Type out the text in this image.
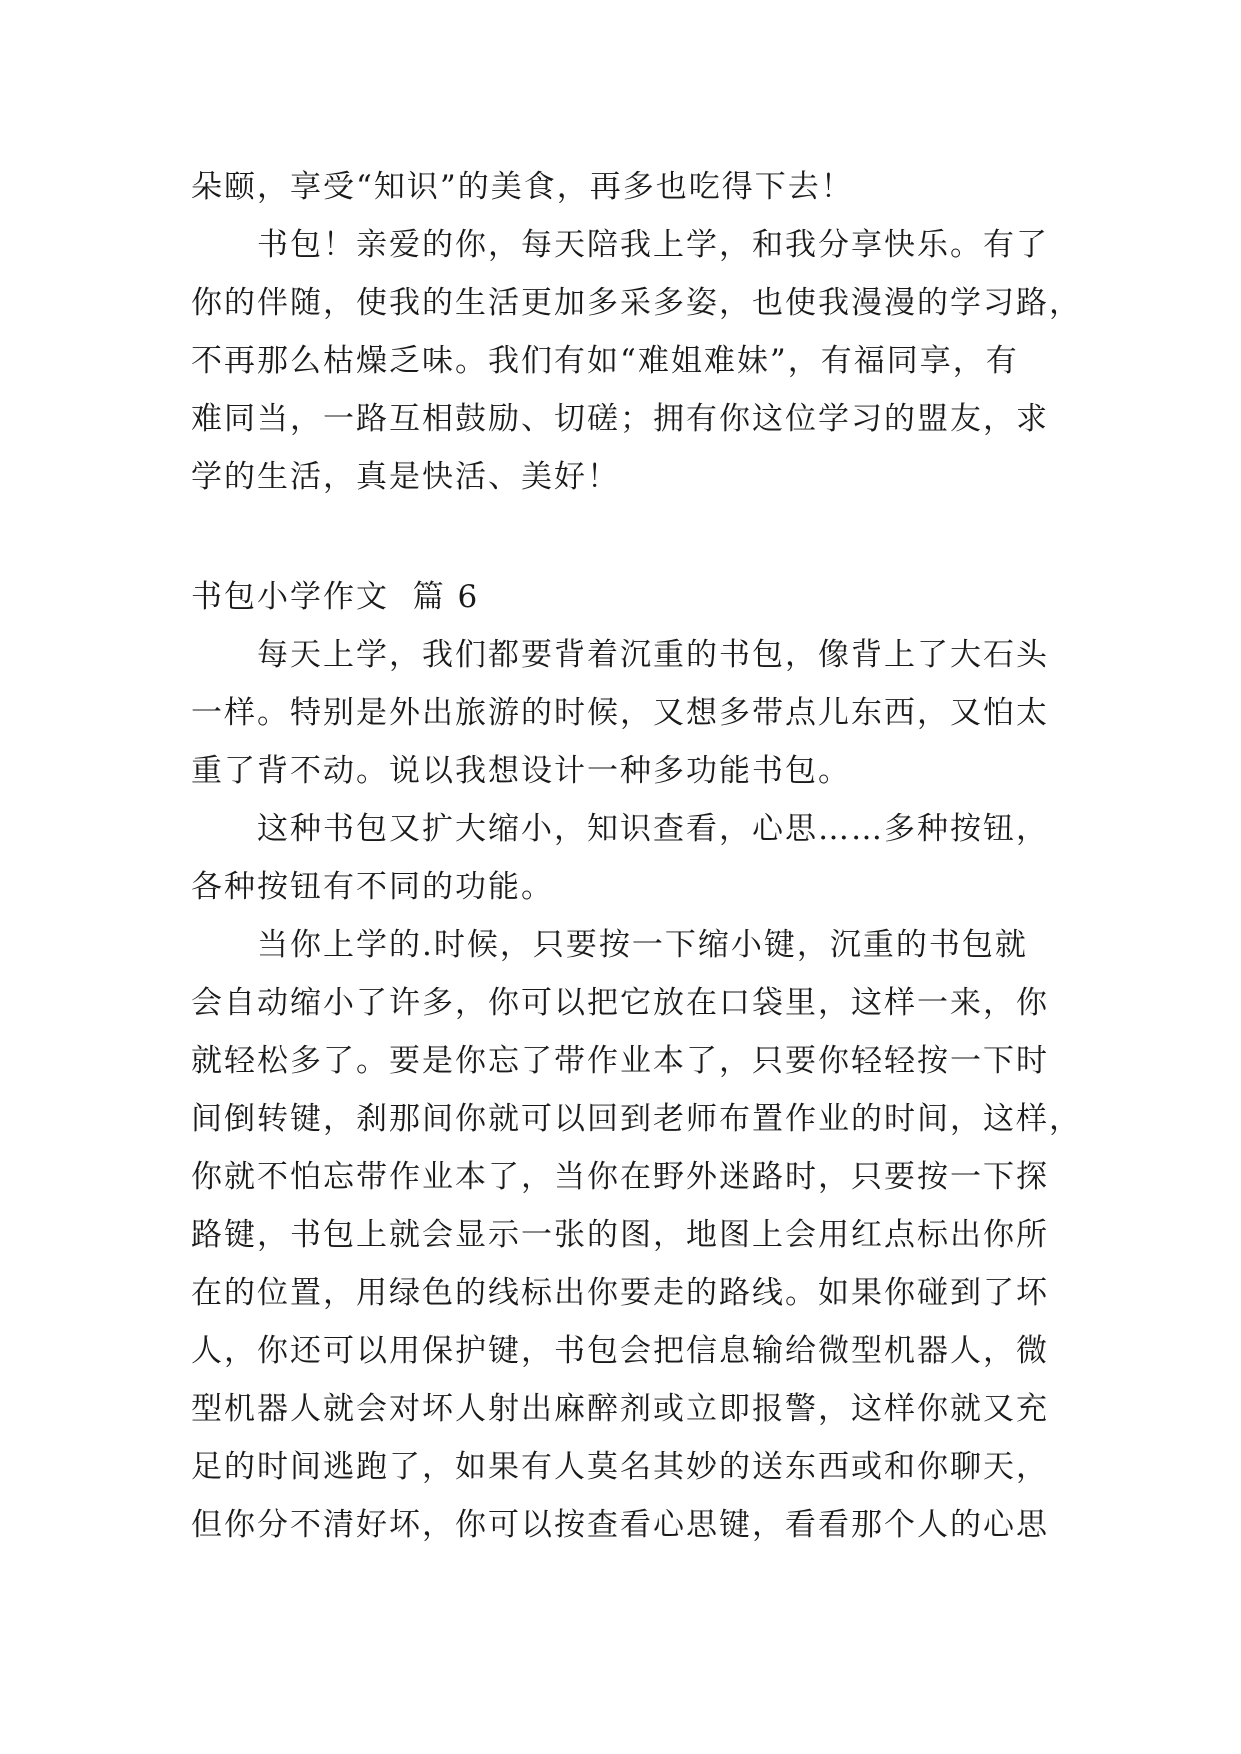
朵颐，享受“知识”的美食，再多也吃得下去！
书包！亲爱的你，每天陪我上学，和我分享快乐。有了
你的伴随，使我的生活更加多采多姿，也使我漫漫的学习路，
不再那么枯燥乏味。我们有如“难姐难妹”，有福同享，有
难同当，一路互相鼓励、切磋；拥有你这位学习的盟友，求
学的生活，真是快活、美好！
书包小学作文  篇 6
每天上学，我们都要背着沉重的书包，像背上了大石头
一样。特别是外出旅游的时候，又想多带点儿东西，又怕太
重了背不动。说以我想设计一种多功能书包。
这种书包又扩大缩小，知识查看，心思……多种按钮，
各种按钮有不同的功能。
当你上学的.时候，只要按一下缩小键，沉重的书包就
会自动缩小了许多，你可以把它放在口袋里，这样一来，你
就轻松多了。要是你忘了带作业本了，只要你轻轻按一下时
间倒转键，刹那间你就可以回到老师布置作业的时间，这样，
你就不怕忘带作业本了，当你在野外迷路时，只要按一下探
路键，书包上就会显示一张的图，地图上会用红点标出你所
在的位置，用绿色的线标出你要走的路线。如果你碰到了坏
人，你还可以用保护键，书包会把信息输给微型机器人，微
型机器人就会对坏人射出麻醉剂或立即报警，这样你就又充
足的时间逃跑了，如果有人莫名其妙的送东西或和你聊天，
但你分不清好坏，你可以按查看心思键，看看那个人的心思
